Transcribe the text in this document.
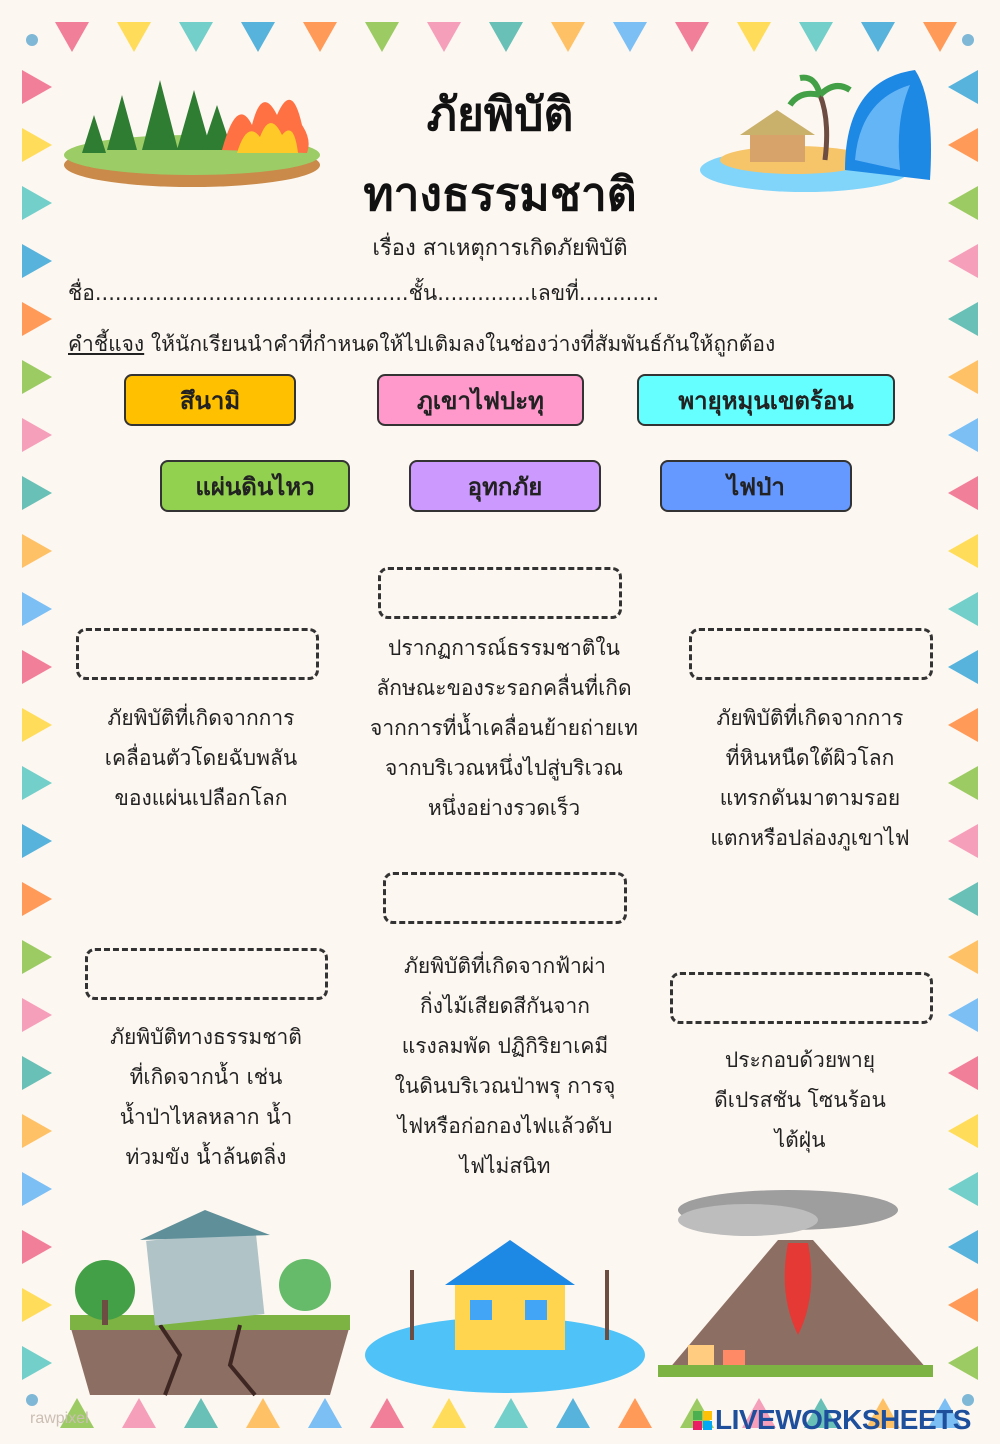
ภัยพิบัติ
ทางธรรมชาติ
เรื่อง สาเหตุการเกิดภัยพิบัติ
ชื่อ...............................................ชั้น..............เลขที่............
คำชี้แจง ให้นักเรียนนำคำที่กำหนดให้ไปเติมลงในช่องว่างที่สัมพันธ์กันให้ถูกต้อง
สึนามิ	ภูเขาไฟปะทุ	พายุหมุนเขตร้อน
แผ่นดินไหว	อุทกภัย	ไฟป่า
ภัยพิบัติที่เกิดจากการ
เคลื่อนตัวโดยฉับพลัน
ของแผ่นเปลือกโลก
ปรากฏการณ์ธรรมชาติใน
ลักษณะของระรอกคลื่นที่เกิด
จากการที่น้ำเคลื่อนย้ายถ่ายเท
จากบริเวณหนึ่งไปสู่บริเวณ
หนึ่งอย่างรวดเร็ว
ภัยพิบัติที่เกิดจากการ
ที่หินหนืดใต้ผิวโลก
แทรกดันมาตามรอย
แตกหรือปล่องภูเขาไฟ
ภัยพิบัติทางธรรมชาติ
ที่เกิดจากน้ำ เช่น
น้ำป่าไหลหลาก น้ำ
ท่วมขัง น้ำล้นตลิ่ง
ภัยพิบัติที่เกิดจากฟ้าผ่า
กิ่งไม้เสียดสีกันจาก
แรงลมพัด ปฏิกิริยาเคมี
ในดินบริเวณป่าพรุ การจุ
ไฟหรือก่อกองไฟแล้วดับ
ไฟไม่สนิท
ประกอบด้วยพายุ
ดีเปรสชัน โซนร้อน
ไต้ฝุ่น
rawpixel	LIVEWORKSHEETS
